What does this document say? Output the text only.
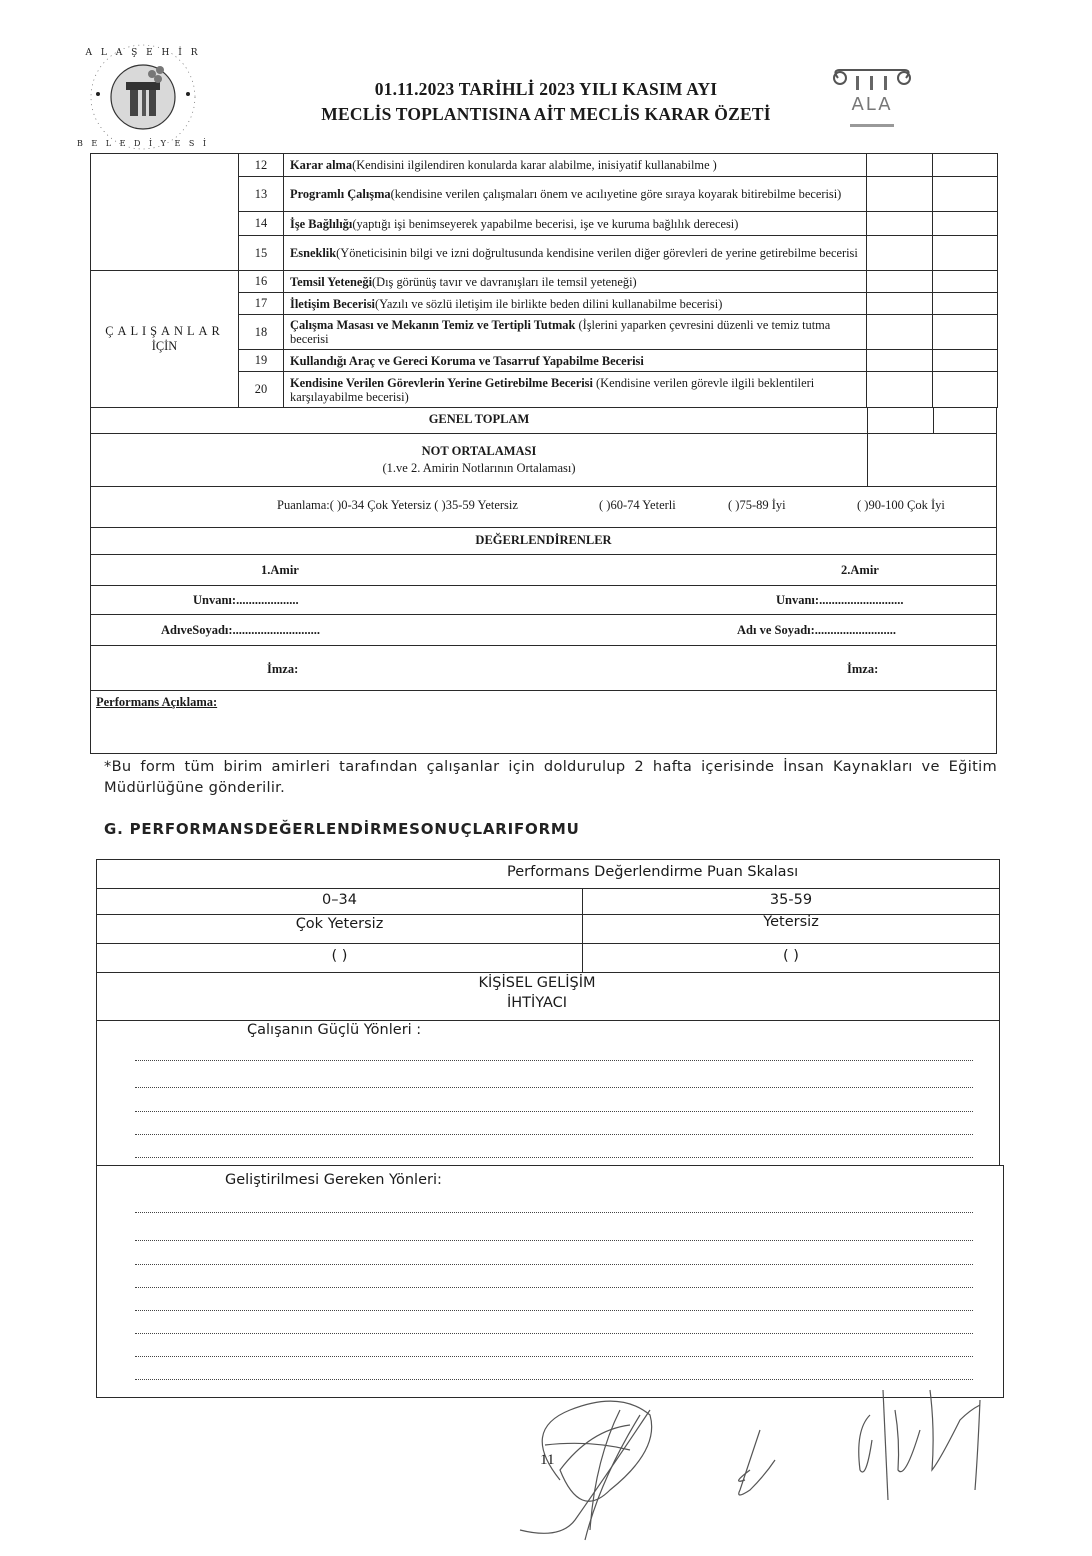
A L A Ş E H İ R
B E L E D İ Y E S İ
ALA
01.11.2023 TARİHLİ 2023 YILI KASIM AYI
MECLİS TOPLANTISINA AİT MECLİS KARAR ÖZETİ
	12	Karar alma(Kendisini ilgilendiren konularda karar alabilme, inisiyatif kullanabilme )		
	13	Programlı Çalışma(kendisine verilen çalışmaları önem ve acılıyetine göre sıraya koyarak bitirebilme becerisi)		
	14	İşe Bağlılığı(yaptığı işi benimseyerek yapabilme becerisi, işe ve kuruma bağlılık derecesi)		
	15	Esneklik(Yöneticisinin bilgi ve izni doğrultusunda kendisine verilen diğer görevleri de yerine getirebilme becerisi		

ÇALIŞANLAR
İÇİN	16	Temsil Yeteneği(Dış görünüş tavır ve davranışları ile temsil yeteneği)		
	17	İletişim Becerisi(Yazılı ve sözlü iletişim ile birlikte beden dilini kullanabilme becerisi)		
	18	Çalışma Masası ve Mekanın Temiz ve Tertipli Tutmak (İşlerini yaparken çevresini düzenli ve temiz tutma becerisi		
	19	Kullandığı Araç ve Gereci Koruma ve Tasarruf Yapabilme Becerisi		
	20	Kendisine Verilen Görevlerin Yerine Getirebilme Becerisi (Kendisine verilen görevle ilgili beklentileri karşılayabilme becerisi)		
GENEL TOPLAM
NOT ORTALAMASI
(1.ve 2. Amirin Notlarının Ortalaması)
Puanlama:( )0-34 Çok Yetersiz ( )35-59 Yetersiz	( )60-74 Yeterli	( )75-89 İyi	( )90-100 Çok İyi
DEĞERLENDİRENLER
1.Amir	2.Amir
Unvanı:....................	Unvanı:...........................
AdıveSoyadı:............................	Adı ve Soyadı:..........................
İmza:	İmza:
Performans Açıklama:
*Bu form tüm birim amirleri tarafından çalışanlar için doldurulup 2 hafta içerisinde İnsan Kaynakları ve Eğitim Müdürlüğüne gönderilir.
G. PERFORMANSDEĞERLENDİRMESONUÇLARIFORMU
Performans Değerlendirme Puan Skalası
0–34	35-59
Çok Yetersiz	Yetersiz
( )	( )
KİŞİSEL GELİŞİM
İHTİYACI
Çalışanın Güçlü Yönleri :
Geliştirilmesi Gereken Yönleri:
11
